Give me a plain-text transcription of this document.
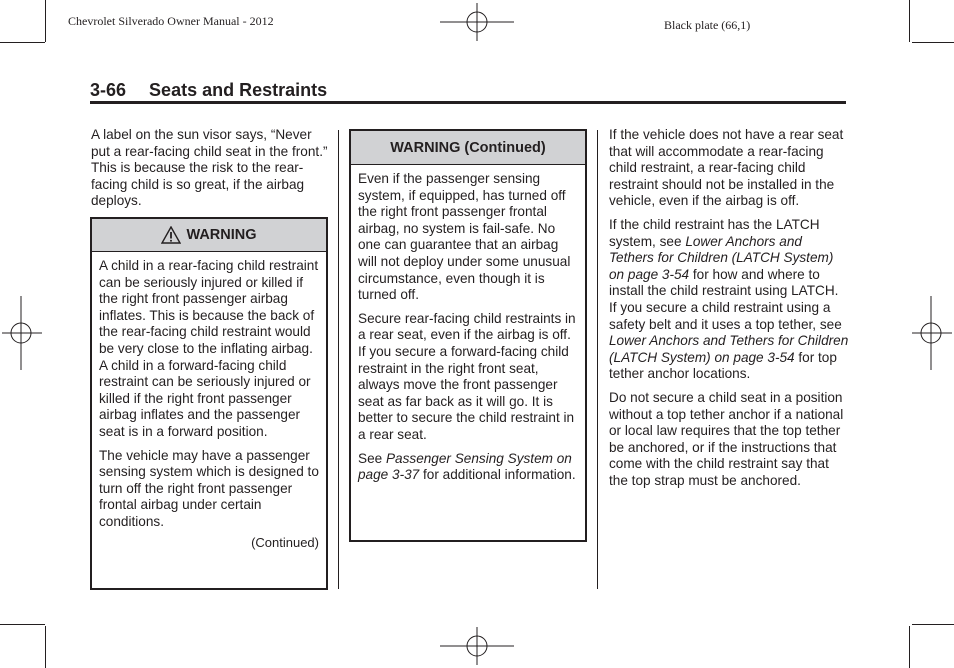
Chevrolet Silverado Owner Manual - 2012	Black plate (66,1)
3-66 Seats and Restraints

A label on the sun visor says, “Never put a rear-facing child seat in the front.” This is because the risk to the rear-facing child is so great, if the airbag deploys.

WARNING

A child in a rear-facing child restraint can be seriously injured or killed if the right front passenger airbag inflates. This is because the back of the rear-facing child restraint would be very close to the inflating airbag. A child in a forward-facing child restraint can be seriously injured or killed if the right front passenger airbag inflates and the passenger seat is in a forward position.

The vehicle may have a passenger sensing system which is designed to turn off the right front passenger frontal airbag under certain conditions.

(Continued)
WARNING (Continued)

Even if the passenger sensing system, if equipped, has turned off the right front passenger frontal airbag, no system is fail-safe. No one can guarantee that an airbag will not deploy under some unusual circumstance, even though it is turned off.

Secure rear-facing child restraints in a rear seat, even if the airbag is off. If you secure a forward-facing child restraint in the right front seat, always move the front passenger seat as far back as it will go. It is better to secure the child restraint in a rear seat.

See Passenger Sensing System on page 3-37 for additional information.

If the vehicle does not have a rear seat that will accommodate a rear-facing child restraint, a rear-facing child restraint should not be installed in the vehicle, even if the airbag is off.

If the child restraint has the LATCH system, see Lower Anchors and Tethers for Children (LATCH System) on page 3-54 for how and where to install the child restraint using LATCH. If you secure a child restraint using a safety belt and it uses a top tether, see Lower Anchors and Tethers for Children (LATCH System) on page 3-54 for top tether anchor locations.

Do not secure a child seat in a position without a top tether anchor if a national or local law requires that the top tether be anchored, or if the instructions that come with the child restraint say that the top strap must be anchored.
